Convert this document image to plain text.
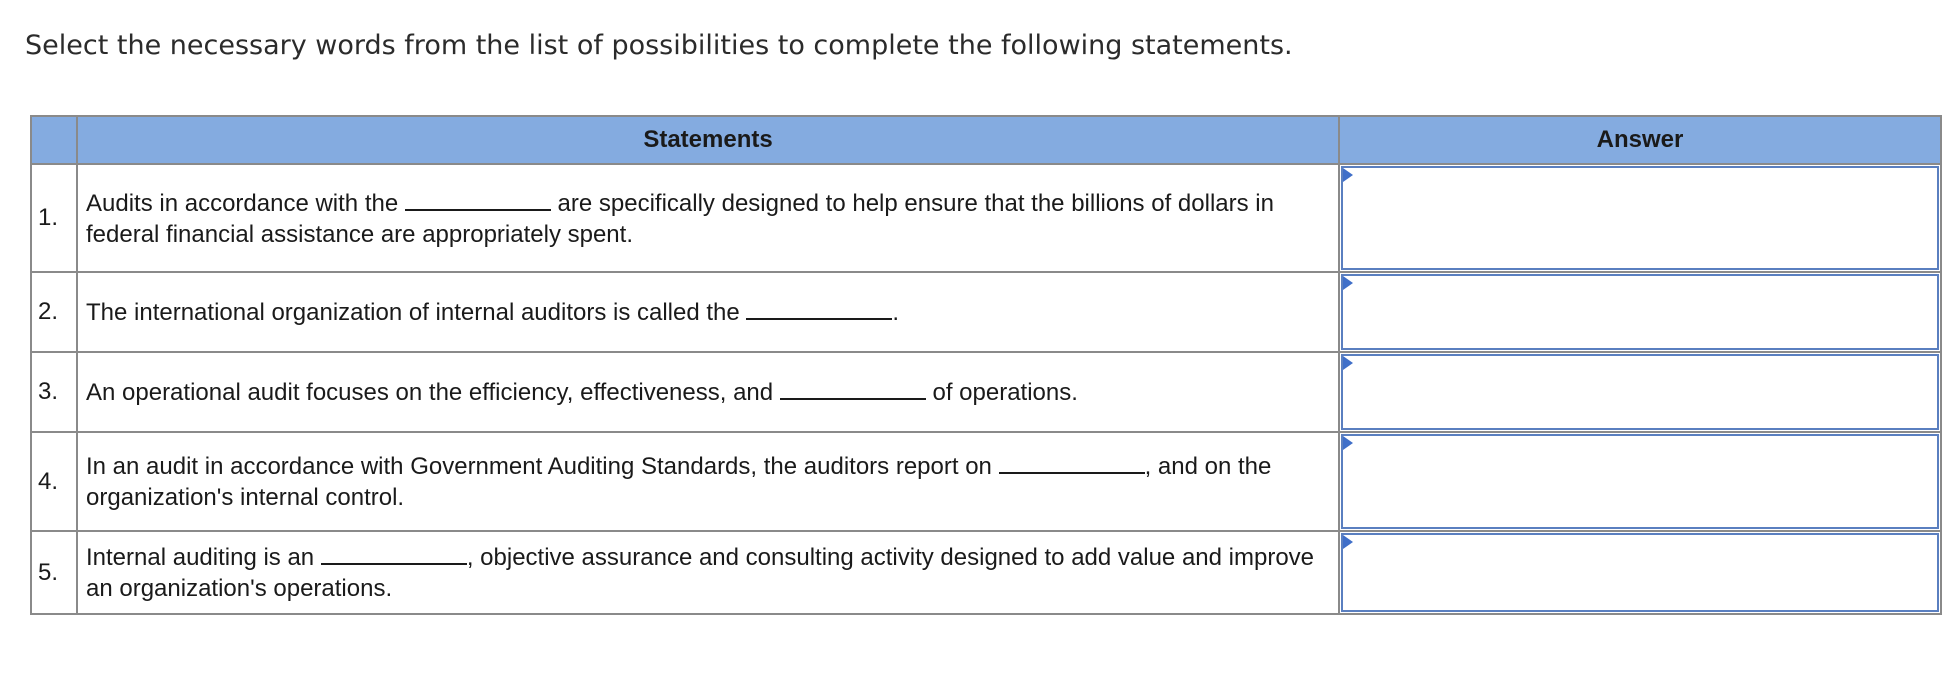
Select the necessary words from the list of possibilities to complete the following statements.
	Statements	Answer
1.	Audits in accordance with the are specifically designed to help ensure that the billions of dollars in federal financial assistance are appropriately spent.	

2.	The international organization of internal auditors is called the .	

3.	An operational audit focuses on the efficiency, effectiveness, and of operations.	

4.	In an audit in accordance with Government Auditing Standards, the auditors report on , and on the organization's internal control.	

5.	Internal auditing is an , objective assurance and consulting activity designed to add value and improve an organization's operations.	
